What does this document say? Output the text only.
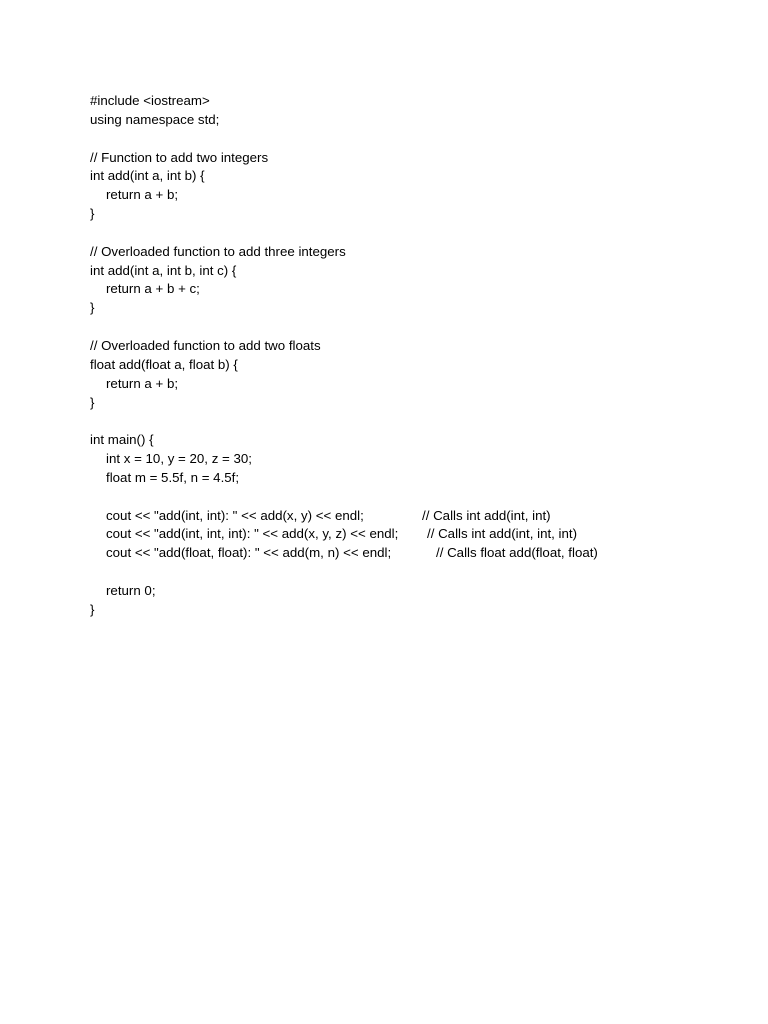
#include <iostream>
using namespace std;
// Function to add two integers
int add(int a, int b) {
return a + b;
}
// Overloaded function to add three integers
int add(int a, int b, int c) {
return a + b + c;
}
// Overloaded function to add two floats
float add(float a, float b) {
return a + b;
}
int main() {
int x = 10, y = 20, z = 30;
float m = 5.5f, n = 4.5f;
cout << "add(int, int): " << add(x, y) << endl;	// Calls int add(int, int)
cout << "add(int, int, int): " << add(x, y, z) << endl; // Calls int add(int, int, int)
cout << "add(float, float): " << add(m, n) << endl;	// Calls float add(float, float)
return 0;
}
